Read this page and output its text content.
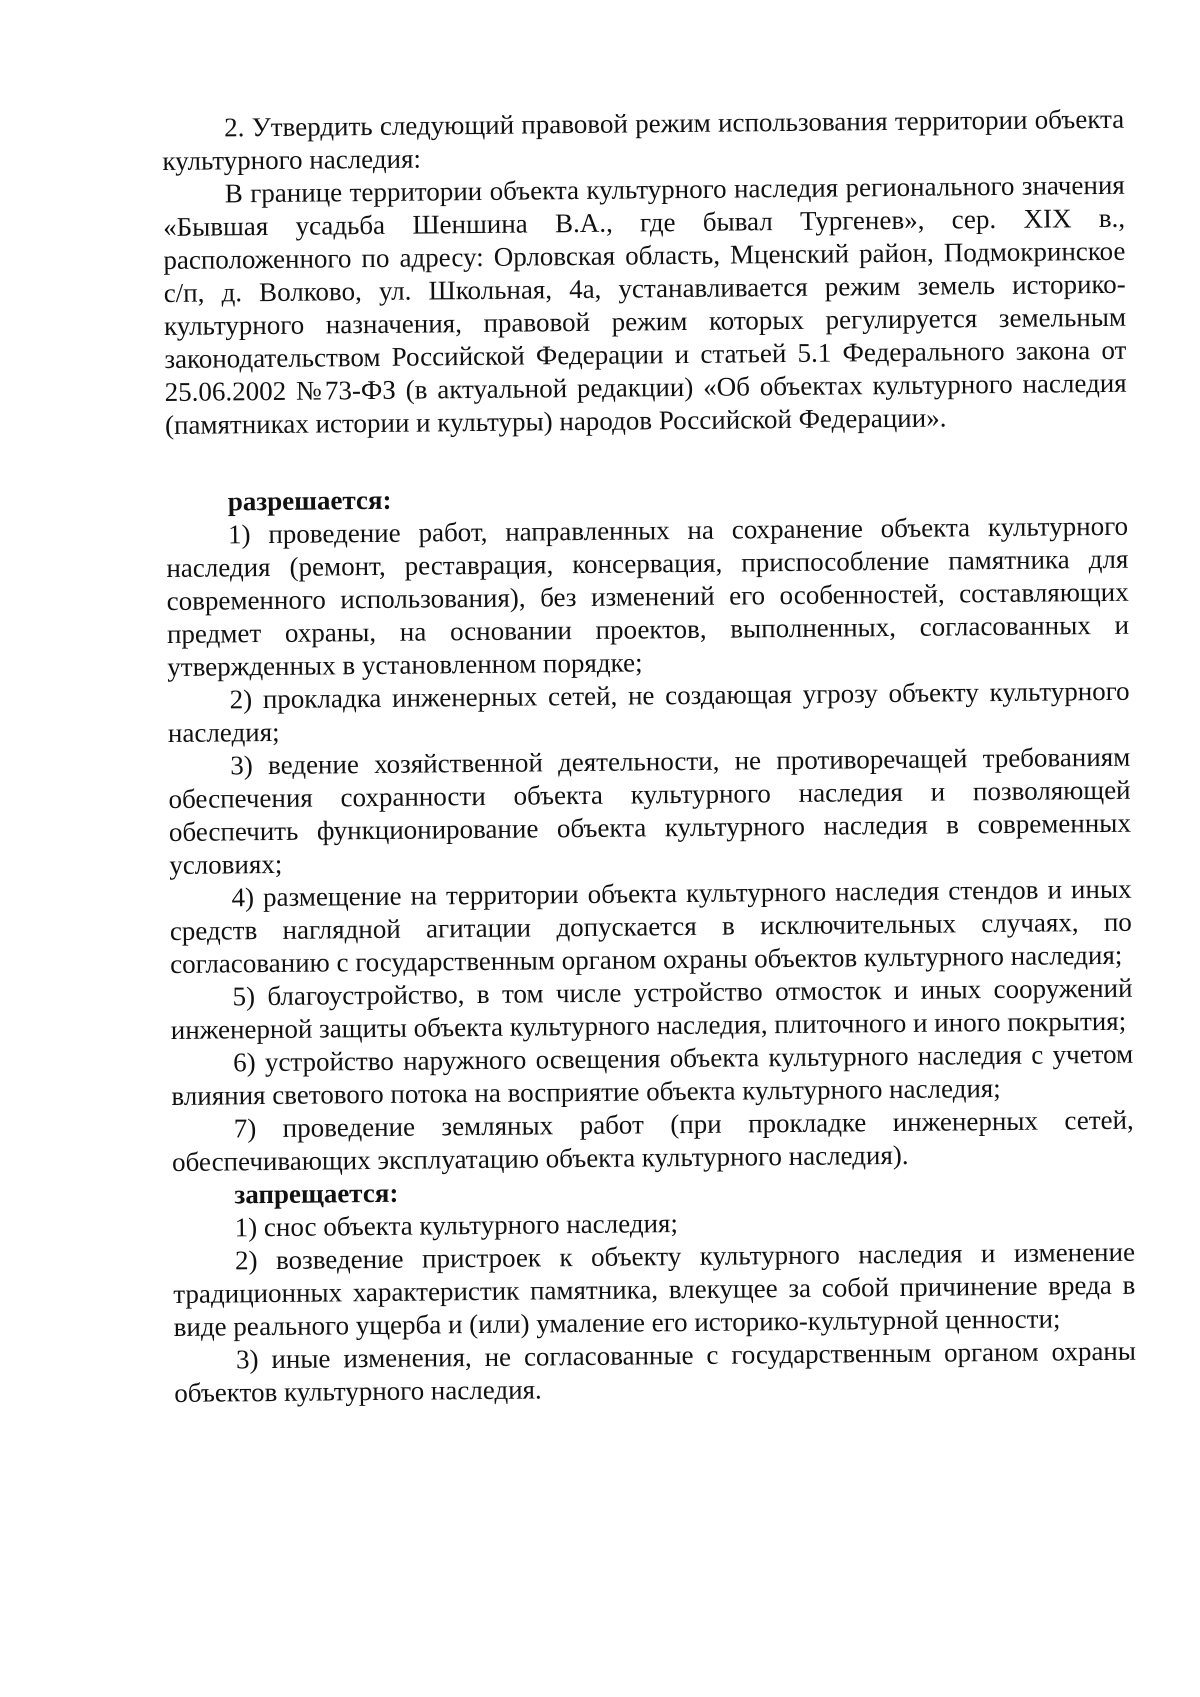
2. Утвердить следующий правовой режим использования территории объекта культурного наследия:

В границе территории объекта культурного наследия регионального значения «Бывшая усадьба Шеншина В.А., где бывал Тургенев», сер. XIX в., расположенного по адресу: Орловская область, Мценский район, Подмокринское с/п, д. Волково, ул. Школьная, 4а, устанавливается режим земель историко-культурного назначения, правовой режим которых регулируется земельным законодательством Российской Федерации и статьей 5.1 Федерального закона от 25.06.2002 №73-ФЗ (в актуальной редакции) «Об объектах культурного наследия (памятниках истории и культуры) народов Российской Федерации».

разрешается:

1) проведение работ, направленных на сохранение объекта культурного наследия (ремонт, реставрация, консервация, приспособление памятника для современного использования), без изменений его особенностей, составляющих предмет охраны, на основании проектов, выполненных, согласованных и утвержденных в установленном порядке;

2) прокладка инженерных сетей, не создающая угрозу объекту культурного наследия;

3) ведение хозяйственной деятельности, не противоречащей требованиям обеспечения сохранности объекта культурного наследия и позволяющей обеспечить функционирование объекта культурного наследия в современных условиях;

4) размещение на территории объекта культурного наследия стендов и иных средств наглядной агитации допускается в исключительных случаях, по согласованию с государственным органом охраны объектов культурного наследия;

5) благоустройство, в том числе устройство отмосток и иных сооружений инженерной защиты объекта культурного наследия, плиточного и иного покрытия;

6) устройство наружного освещения объекта культурного наследия с учетом влияния светового потока на восприятие объекта культурного наследия;

7) проведение земляных работ (при прокладке инженерных сетей, обеспечивающих эксплуатацию объекта культурного наследия).

запрещается:

1) снос объекта культурного наследия;

2) возведение пристроек к объекту культурного наследия и изменение традиционных характеристик памятника, влекущее за собой причинение вреда в виде реального ущерба и (или) умаление его историко-культурной ценности;

3) иные изменения, не согласованные с государственным органом охраны объектов культурного наследия.
